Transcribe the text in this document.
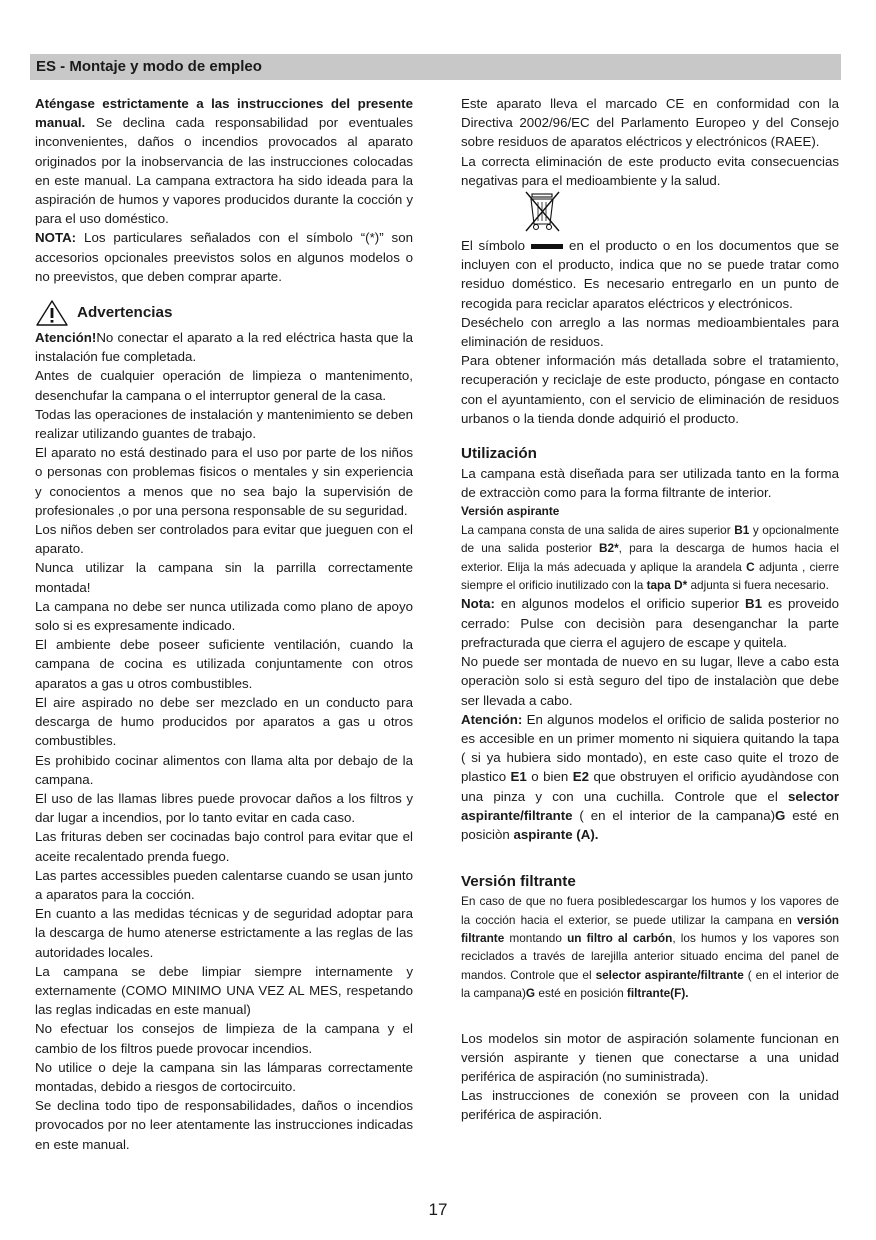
ES - Montaje y modo de empleo

Aténgase estrictamente a las instrucciones del presente manual. Se declina cada responsabilidad por eventuales inconvenientes, daños o incendios provocados al aparato originados por la inobservancia de las instrucciones colocadas en este manual. La campana extractora ha sido ideada para la aspiración de humos y vapores producidos durante la cocción y para el uso doméstico.

NOTA: Los particulares señalados con el símbolo “(*)” son accesorios opcionales preevistos solos en algunos modelos o no preevistos, que deben comprar aparte.

Advertencias

Atención!No conectar el aparato a la red eléctrica hasta que la instalación fue completada.

Antes de cualquier operación de limpieza o mantenimento, desenchufar la campana o el interruptor general de la casa.

Todas las operaciones de instalación y mantenimiento se deben realizar utilizando guantes de trabajo.

El aparato no está destinado para el uso por parte de los niños o personas con problemas fisicos o mentales y sin experiencia y conocientos a menos que no sea bajo la supervisión de profesionales ,o por una persona responsable de su seguridad.

Los niños deben ser controlados para evitar que jueguen con el aparato.

Nunca utilizar la campana sin la parrilla correctamente montada!

La campana no debe ser nunca utilizada como plano de apoyo solo si es expresamente indicado.

El ambiente debe poseer suficiente ventilación, cuando la campana de cocina es utilizada conjuntamente con otros aparatos a gas u otros combustibles.

El aire aspirado no debe ser mezclado en un conducto para descarga de humo producidos por aparatos a gas u otros combustibles.

Es prohibido cocinar alimentos con llama alta por debajo de la campana.

El uso de las llamas libres puede provocar daños a los filtros y dar lugar a incendios, por lo tanto evitar en cada caso.

Las frituras deben ser cocinadas bajo control para evitar que el aceite recalentado prenda fuego.

Las partes accessibles pueden calentarse cuando se usan junto a aparatos para la cocción.

En cuanto a las medidas técnicas y de seguridad adoptar para la descarga de humo atenerse estrictamente a las reglas de las autoridades locales.

La campana se debe limpiar siempre internamente y externamente (COMO MINIMO UNA VEZ AL MES, respetando las reglas indicadas en este manual)

No efectuar los consejos de limpieza de la campana y el cambio de los filtros puede provocar incendios.

No utilice o deje la campana sin las lámparas correctamente montadas, debido a riesgos de cortocircuito.

Se declina todo tipo de responsabilidades, daños o incendios provocados por no leer atentamente las instrucciones indicadas en este manual.

Este aparato lleva el marcado CE en conformidad con la Directiva 2002/96/EC del Parlamento Europeo y del Consejo sobre residuos de aparatos eléctricos y electrónicos (RAEE).

La correcta eliminación de este producto evita consecuencias negativas para el medioambiente y la salud.

El símbolo	en el producto o en los documentos que se incluyen con el producto, indica que no se puede tratar como residuo doméstico. Es necesario entregarlo en un punto de recogida para reciclar aparatos eléctricos y electrónicos.

Deséchelo con arreglo a las normas medioambientales para eliminación de residuos.

Para obtener información más detallada sobre el tratamiento, recuperación y reciclaje de este producto, póngase en contacto con el ayuntamiento, con el servicio de eliminación de residuos urbanos o la tienda donde adquirió el producto.

Utilización

La campana està diseñada para ser utilizada tanto en la forma de extracciòn como para la forma filtrante de interior.

Versión aspirante

La campana consta de una salida de aires superior B1 y opcionalmente de una salida posterior B2*, para la descarga de humos hacia el exterior. Elija la más adecuada y aplique la arandela C adjunta , cierre siempre el orificio inutilizado con la tapa D* adjunta si fuera necesario.

Nota: en algunos modelos el orificio superior B1 es proveido cerrado: Pulse con decisiòn para desenganchar la parte prefracturada que cierra el agujero de escape y quitela.

No puede ser montada de nuevo en su lugar, lleve a cabo esta operaciòn solo si està seguro del tipo de instalaciòn que debe ser llevada a cabo.

Atención: En algunos modelos el orificio de salida posterior no es accesible en un primer momento ni siquiera quitando la tapa ( si ya hubiera sido montado), en este caso quite el trozo de plastico E1 o bien E2 que obstruyen el orificio ayudàndose con una pinza y con una cuchilla. Controle que el selector aspirante/filtrante ( en el interior de la campana)G esté en posiciòn aspirante (A).

Versión filtrante

En caso de que no fuera posibledescargar los humos y los vapores de la cocción hacia el exterior, se puede utilizar la campana en versión filtrante montando un filtro al carbón, los humos y los vapores son reciclados a través de larejilla anterior situado encima del panel de mandos. Controle que el selector aspirante/filtrante ( en el interior de la campana)G esté en posición filtrante(F).

Los modelos sin motor de aspiración solamente funcionan en versión aspirante y tienen que conectarse a una unidad periférica de aspiración (no suministrada).

Las instrucciones de conexión se proveen con la unidad periférica de aspiración.

17
